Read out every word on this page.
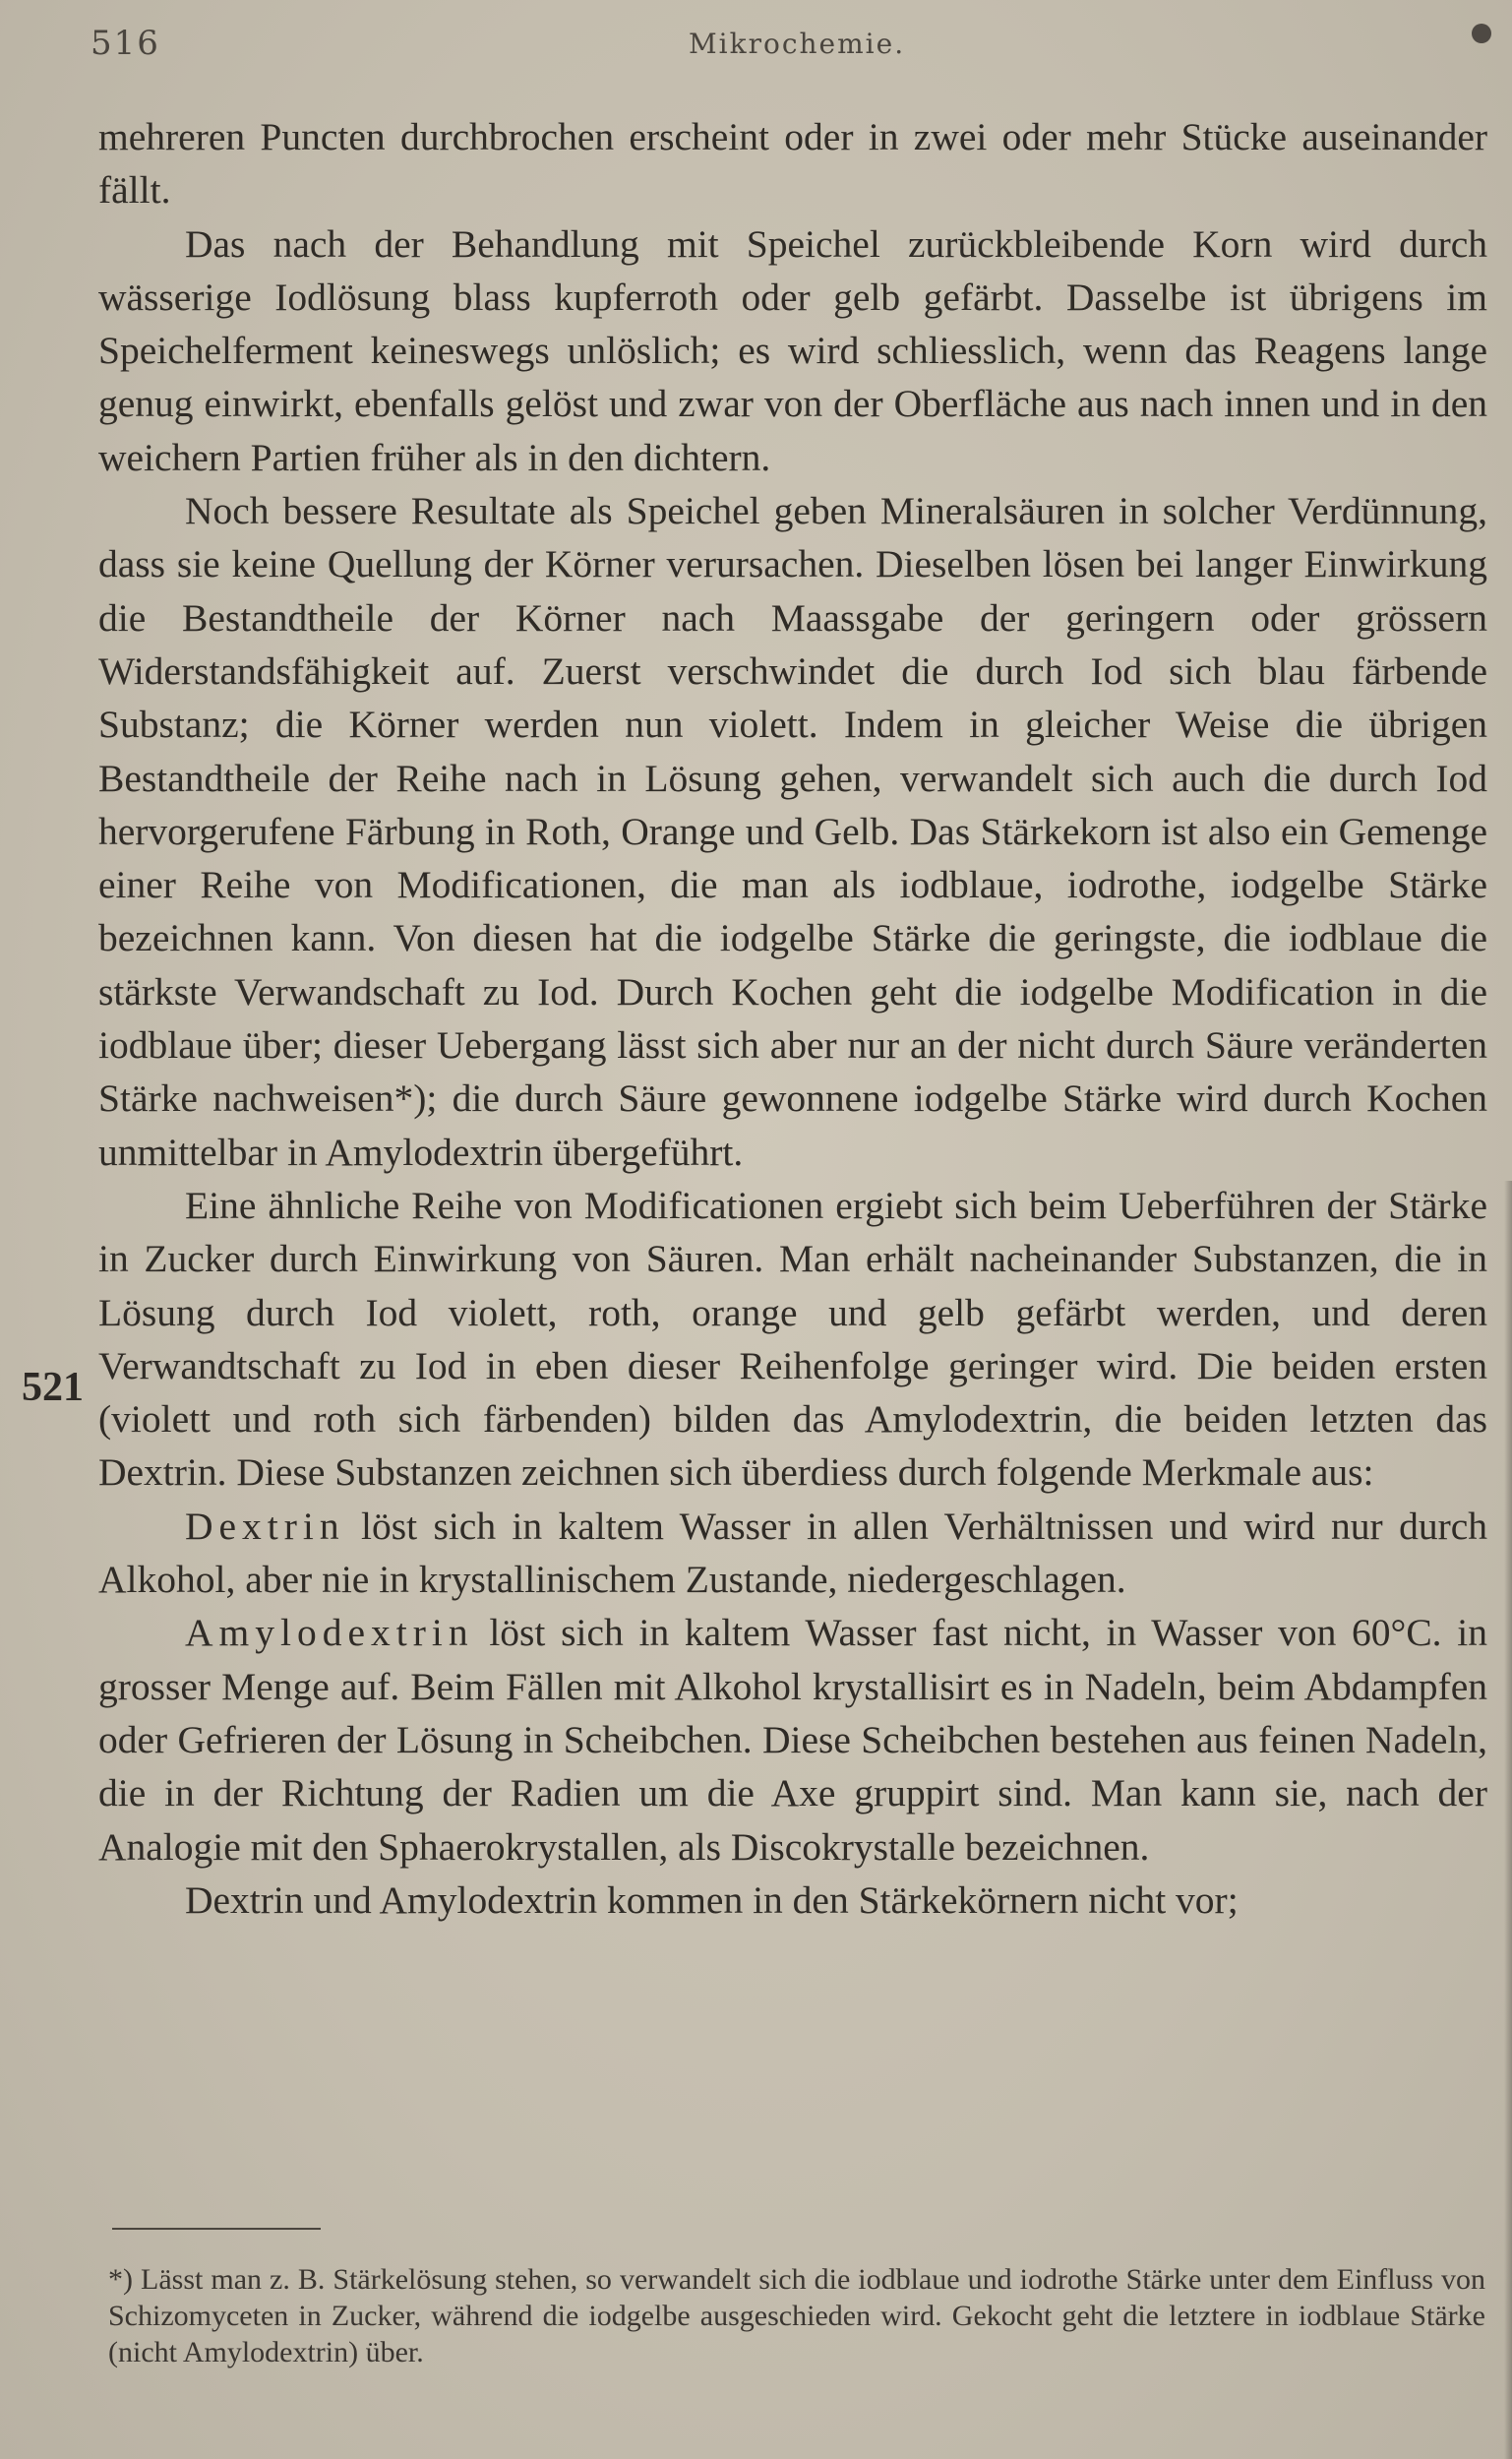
516	Mikrochemie.
521

mehreren Puncten durchbrochen erscheint oder in zwei oder mehr Stücke auseinander fällt.

Das nach der Behandlung mit Speichel zurückbleibende Korn wird durch wässerige Iodlösung blass kupferroth oder gelb gefärbt. Dasselbe ist übrigens im Speichelferment keineswegs unlöslich; es wird schliesslich, wenn das Reagens lange genug einwirkt, ebenfalls gelöst und zwar von der Oberfläche aus nach innen und in den weichern Partien früher als in den dichtern.

Noch bessere Resultate als Speichel geben Mineralsäuren in solcher Verdünnung, dass sie keine Quellung der Körner verursachen. Dieselben lösen bei langer Einwirkung die Bestandtheile der Körner nach Maassgabe der geringern oder grössern Widerstandsfähigkeit auf. Zuerst verschwindet die durch Iod sich blau färbende Substanz; die Körner werden nun violett. Indem in gleicher Weise die übrigen Bestandtheile der Reihe nach in Lösung gehen, verwandelt sich auch die durch Iod hervorgerufene Färbung in Roth, Orange und Gelb. Das Stärkekorn ist also ein Gemenge einer Reihe von Modificationen, die man als iodblaue, iodrothe, iodgelbe Stärke bezeichnen kann. Von diesen hat die iodgelbe Stärke die geringste, die iodblaue die stärkste Verwandschaft zu Iod. Durch Kochen geht die iodgelbe Modification in die iodblaue über; dieser Uebergang lässt sich aber nur an der nicht durch Säure veränderten Stärke nachweisen*); die durch Säure gewonnene iodgelbe Stärke wird durch Kochen unmittelbar in Amylodextrin übergeführt.

Eine ähnliche Reihe von Modificationen ergiebt sich beim Ueberführen der Stärke in Zucker durch Einwirkung von Säuren. Man erhält nacheinander Substanzen, die in Lösung durch Iod violett, roth, orange und gelb gefärbt werden, und deren Verwandtschaft zu Iod in eben dieser Reihenfolge geringer wird. Die beiden ersten (violett und roth sich färbenden) bilden das Amylodextrin, die beiden letzten das Dextrin. Diese Substanzen zeichnen sich überdiess durch folgende Merkmale aus:

Dextrin löst sich in kaltem Wasser in allen Verhältnissen und wird nur durch Alkohol, aber nie in krystallinischem Zustande, niedergeschlagen.

Amylodextrin löst sich in kaltem Wasser fast nicht, in Wasser von 60°C. in grosser Menge auf. Beim Fällen mit Alkohol krystallisirt es in Nadeln, beim Abdampfen oder Gefrieren der Lösung in Scheibchen. Diese Scheibchen bestehen aus feinen Nadeln, die in der Richtung der Radien um die Axe gruppirt sind. Man kann sie, nach der Analogie mit den Sphaerokrystallen, als Discokrystalle bezeichnen.

Dextrin und Amylodextrin kommen in den Stärkekörnern nicht vor;

*) Lässt man z. B. Stärkelösung stehen, so verwandelt sich die iodblaue und iodrothe Stärke unter dem Einfluss von Schizomyceten in Zucker, während die iodgelbe ausgeschieden wird. Gekocht geht die letztere in iodblaue Stärke (nicht Amylodextrin) über.
